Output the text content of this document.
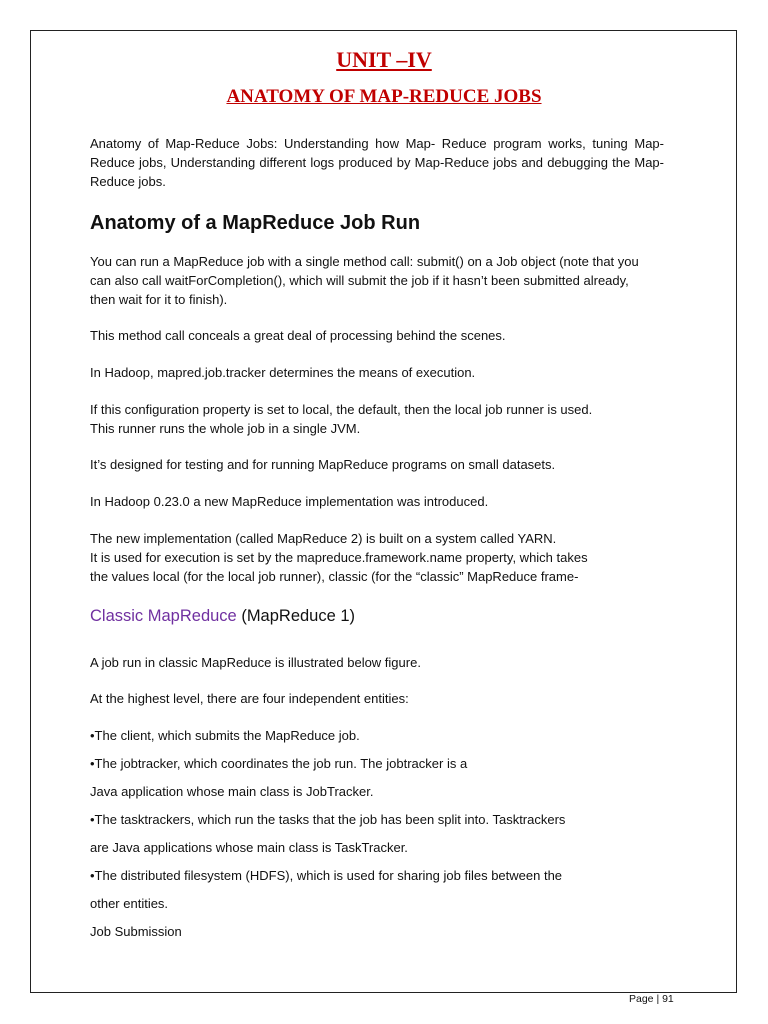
UNIT –IV
ANATOMY OF MAP-REDUCE JOBS
Anatomy of Map-Reduce Jobs: Understanding how Map- Reduce program works, tuning Map-Reduce jobs, Understanding different logs produced by Map-Reduce jobs and debugging the Map- Reduce jobs.
Anatomy of a MapReduce Job Run
You can run a MapReduce job with a single method call: submit() on a Job object (note that you
can also call waitForCompletion(), which will submit the job if it hasn’t been submitted already,
then wait for it to finish).
This method call conceals a great deal of processing behind the scenes.
In Hadoop, mapred.job.tracker determines the means of execution.
If this configuration property is set to local, the default, then the local job runner is used.
This runner runs the whole job in a single JVM.
It’s designed for testing and for running MapReduce programs on small datasets.
In Hadoop 0.23.0 a new MapReduce implementation was introduced.
The new implementation (called MapReduce 2) is built on a system called YARN.
It is used for execution is set by the mapreduce.framework.name property, which takes
the values local (for the local job runner), classic (for the “classic” MapReduce frame-
Classic MapReduce (MapReduce 1)
A job run in classic MapReduce is illustrated below figure.
At the highest level, there are four independent entities:
•The client, which submits the MapReduce job.
•The jobtracker, which coordinates the job run. The jobtracker is a
Java application whose main class is JobTracker.
•The tasktrackers, which run the tasks that the job has been split into. Tasktrackers
are Java applications whose main class is TaskTracker.
•The distributed filesystem (HDFS), which is used for sharing job files between the
other entities.
Job Submission
Page | 91
